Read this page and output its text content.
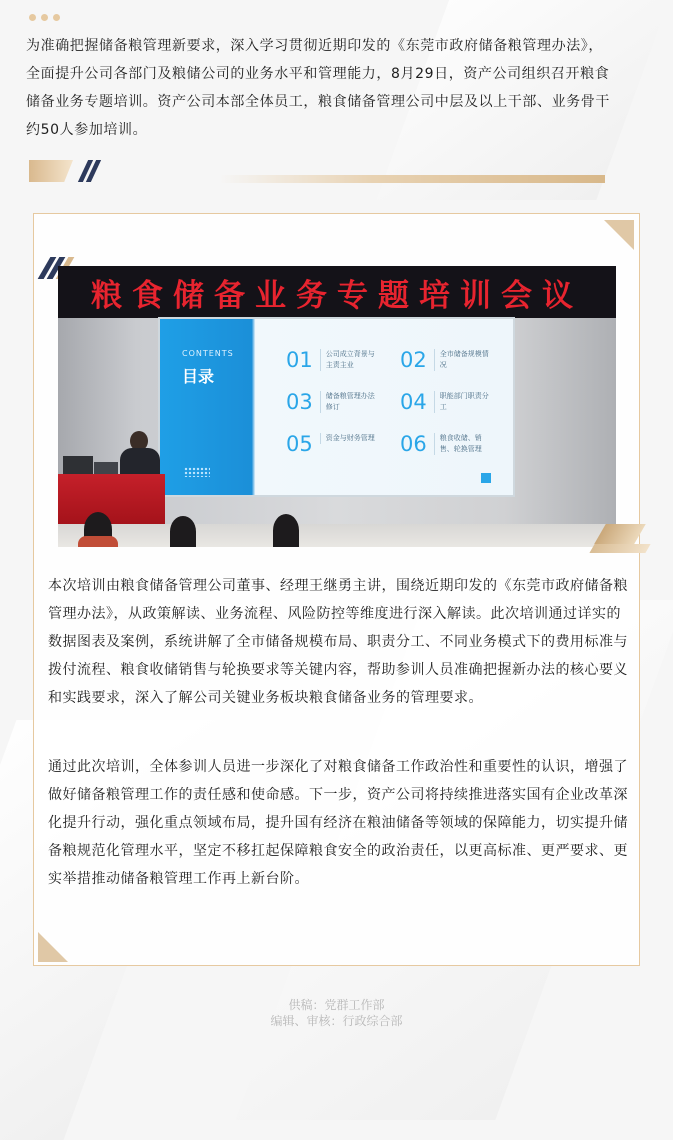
为准确把握储备粮管理新要求，深入学习贯彻近期印发的《东莞市政府储备粮管理办法》，全面提升公司各部门及粮储公司的业务水平和管理能力，8月29日，资产公司组织召开粮食储备业务专题培训。资产公司本部全体员工，粮食储备管理公司中层及以上干部、业务骨干约50人参加培训。

粮食储备业务专题培训会议
CONTENTS
目录
01	公司成立背景与主责主业	02	全市储备规模情况
03	储备粮管理办法修订	04	职能部门职责分工
05	资金与财务管理 06	粮食收储、销售、轮换管理

本次培训由粮食储备管理公司董事、经理王继勇主讲，围绕近期印发的《东莞市政府储备粮管理办法》，从政策解读、业务流程、风险防控等维度进行深入解读。此次培训通过详实的数据图表及案例，系统讲解了全市储备规模布局、职责分工、不同业务模式下的费用标准与拨付流程、粮食收储销售与轮换要求等关键内容，帮助参训人员准确把握新办法的核心要义和实践要求，深入了解公司关键业务板块粮食储备业务的管理要求。

通过此次培训，全体参训人员进一步深化了对粮食储备工作政治性和重要性的认识，增强了做好储备粮管理工作的责任感和使命感。下一步，资产公司将持续推进落实国有企业改革深化提升行动，强化重点领域布局，提升国有经济在粮油储备等领域的保障能力，切实提升储备粮规范化管理水平，坚定不移扛起保障粮食安全的政治责任，以更高标准、更严要求、更实举措推动储备粮管理工作再上新台阶。

供稿：党群工作部
编辑、审核：行政综合部
